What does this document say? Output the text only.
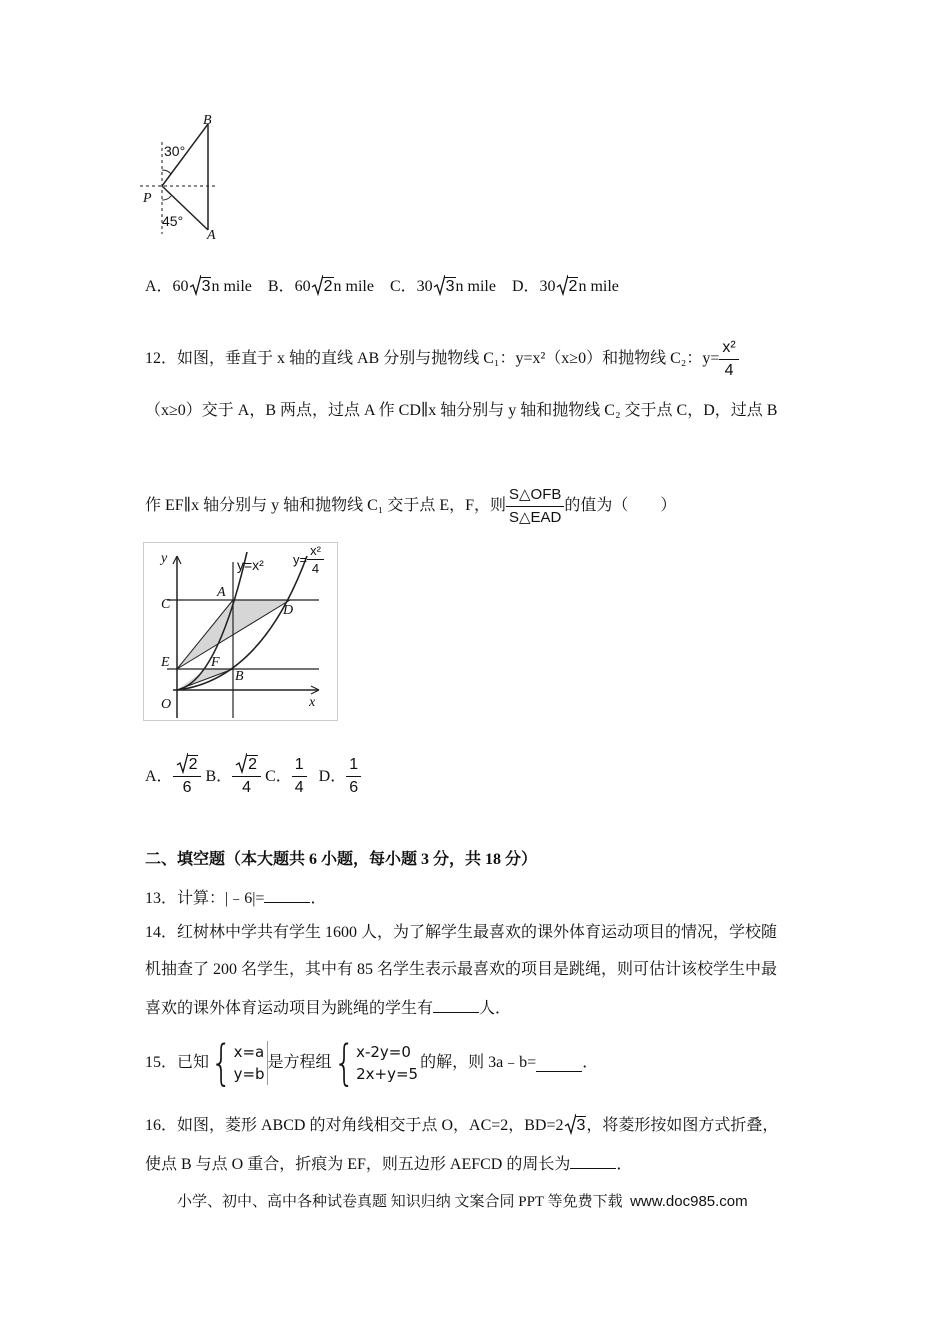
B
P
A
30°
45°
A．60 3n mile B．60 2n mile C．30 3n mile D．30 2n mile
12．如图，垂直于 x 轴的直线 AB 分别与抛物线 C₁：y=x²（x≥0）和抛物线 C₂：$y= \frac{\text{x²}}{4}$
（x≥0）交于 A，B 两点，过点 A 作 CD∥x 轴分别与 y 轴和抛物线 C₂ 交于点 C，D，过点 B
作 EF∥x 轴分别与 y 轴和抛物线 C₁ 交于点 E，F，则 $\frac{\text{S△OFB}}{\text{S△EAD}}$ 的值为（　　）
y
x
O
C
E
A
D
F
B
y=x² $y= \frac{\text{x²}}{4}$
A． $\frac{2}{6}$
B． $\frac{2}{4}$
C． $\frac{1}{4}$
D． $\frac{1}{6}$
二、填空题（本大题共 6 小题，每小题 3 分，共 18 分）
13．计算：|﹣6|=	．
14．红树林中学共有学生 1600 人，为了解学生最喜欢的课外体育运动项目的情况，学校随
机抽查了 200 名学生，其中有 85 名学生表示最喜欢的项目是跳绳，则可估计该校学生中最
喜欢的课外体育运动项目为跳绳的学生有	人．
15．已知 { x=a
y=b
是方程组 { x-2y=0
2x+y=5
的解，则 3a﹣b=	．
16．如图，菱形 ABCD 的对角线相交于点 O，AC=2，BD=2 3，将菱形按如图方式折叠，
使点 B 与点 O 重合，折痕为 EF，则五边形 AEFCD 的周长为	．
小学、初中、高中各种试卷真题 知识归纳 文案合同 PPT 等免费下载 www.doc985.com
